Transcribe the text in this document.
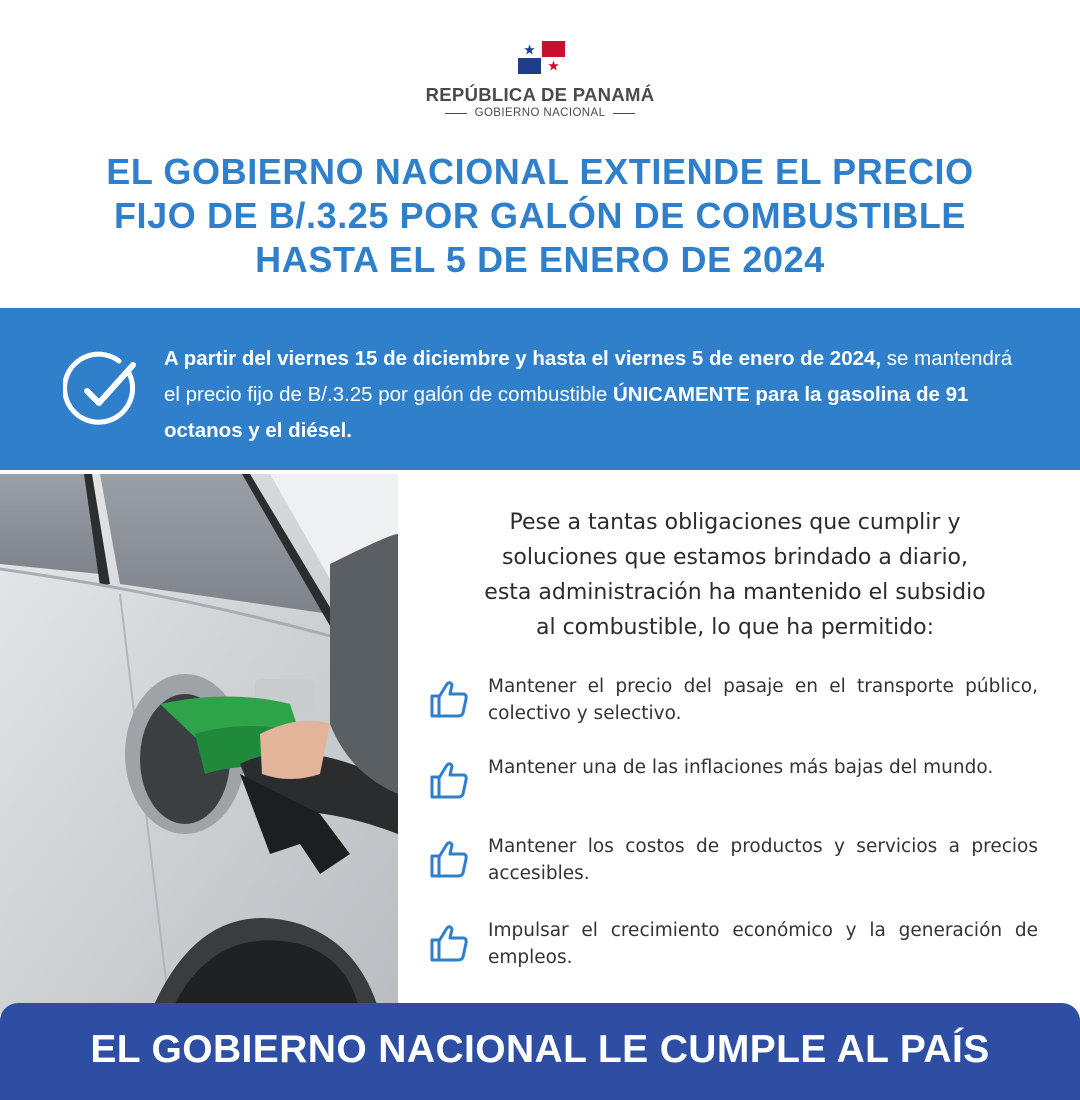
REPÚBLICA DE PANAMÁ
GOBIERNO NACIONAL
EL GOBIERNO NACIONAL EXTIENDE EL PRECIO
FIJO DE B/.3.25 POR GALÓN DE COMBUSTIBLE
HASTA EL 5 DE ENERO DE 2024
A partir del viernes 15 de diciembre y hasta el viernes 5 de enero de 2024, se mantendrá el precio fijo de B/.3.25 por galón de combustible ÚNICAMENTE para la gasolina de 91 octanos y el diésel.
Pese a tantas obligaciones que cumplir y
soluciones que estamos brindado a diario,
esta administración ha mantenido el subsidio
al combustible, lo que ha permitido:
Mantener el precio del pasaje en el transporte público, colectivo y selectivo.
Mantener una de las inflaciones más bajas del mundo.
Mantener los costos de productos y servicios a precios accesibles.
Impulsar el crecimiento económico y la generación de empleos.
EL GOBIERNO NACIONAL LE CUMPLE AL PAÍS
